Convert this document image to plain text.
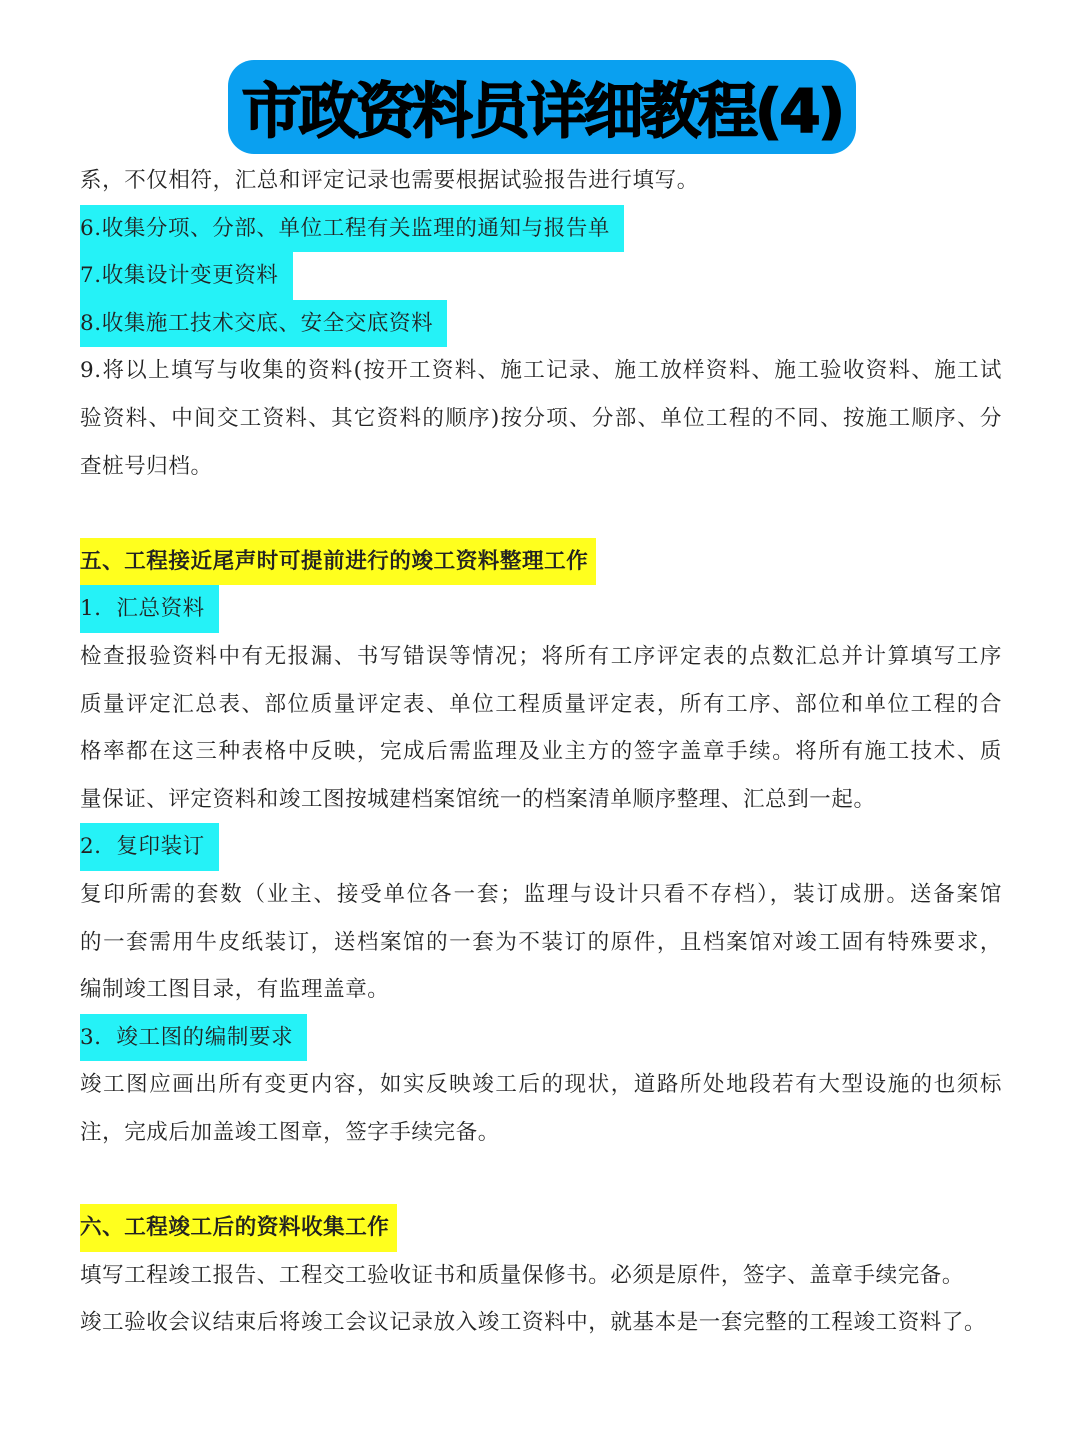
市政资料员详细教程(4)
系，不仅相符，汇总和评定记录也需要根据试验报告进行填写。
6.收集分项、分部、单位工程有关监理的通知与报告单
7.收集设计变更资料
8.收集施工技术交底、安全交底资料
9.将以上填写与收集的资料(按开工资料、施工记录、施工放样资料、施工验收资料、施工试
验资料、中间交工资料、其它资料的顺序)按分项、分部、单位工程的不同、按施工顺序、分
查桩号归档。
五、工程接近尾声时可提前进行的竣工资料整理工作
1．汇总资料
检查报验资料中有无报漏、书写错误等情况；将所有工序评定表的点数汇总并计算填写工序
质量评定汇总表、部位质量评定表、单位工程质量评定表，所有工序、部位和单位工程的合
格率都在这三种表格中反映，完成后需监理及业主方的签字盖章手续。将所有施工技术、质
量保证、评定资料和竣工图按城建档案馆统一的档案清单顺序整理、汇总到一起。
2．复印装订
复印所需的套数（业主、接受单位各一套；监理与设计只看不存档），装订成册。送备案馆
的一套需用牛皮纸装订，送档案馆的一套为不装订的原件，且档案馆对竣工固有特殊要求，
编制竣工图目录，有监理盖章。
3．竣工图的编制要求
竣工图应画出所有变更内容，如实反映竣工后的现状，道路所处地段若有大型设施的也须标
注，完成后加盖竣工图章，签字手续完备。
六、工程竣工后的资料收集工作
填写工程竣工报告、工程交工验收证书和质量保修书。必须是原件，签字、盖章手续完备。
竣工验收会议结束后将竣工会议记录放入竣工资料中，就基本是一套完整的工程竣工资料了。
